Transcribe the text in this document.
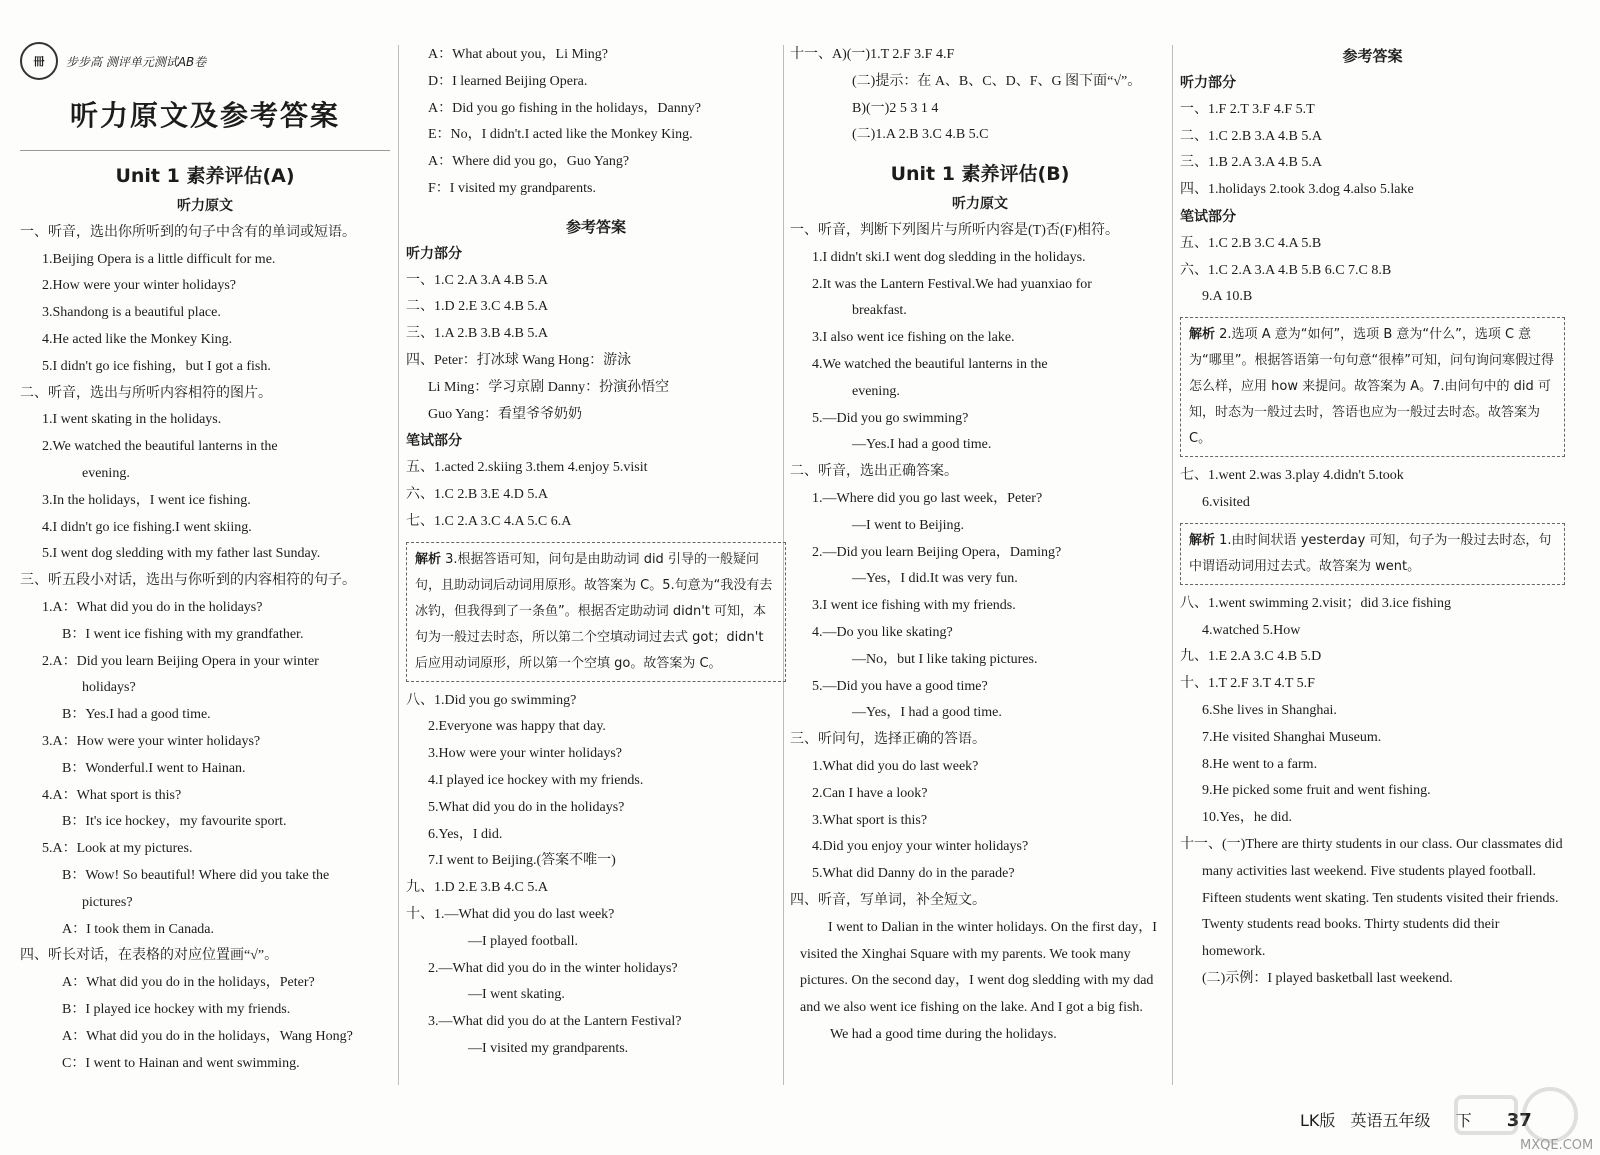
冊	步步高 测评单元测试AB卷
听力原文及参考答案
Unit 1 素养评估(A)
听力原文
一、听音，选出你所听到的句子中含有的单词或短语。
1.Beijing Opera is a little difficult for me.
2.How were your winter holidays?
3.Shandong is a beautiful place.
4.He acted like the Monkey King.
5.I didn't go ice fishing，but I got a fish.
二、听音，选出与所听内容相符的图片。
1.I went skating in the holidays.
2.We watched the beautiful lanterns in the
evening.
3.In the holidays，I went ice fishing.
4.I didn't go ice fishing.I went skiing.
5.I went dog sledding with my father last Sunday.
三、听五段小对话，选出与你听到的内容相符的句子。
1.A：What did you do in the holidays?
B：I went ice fishing with my grandfather.
2.A：Did you learn Beijing Opera in your winter
holidays?
B：Yes.I had a good time.
3.A：How were your winter holidays?
B：Wonderful.I went to Hainan.
4.A：What sport is this?
B：It's ice hockey，my favourite sport.
5.A：Look at my pictures.
B：Wow! So beautiful! Where did you take the
pictures?
A：I took them in Canada.
四、听长对话，在表格的对应位置画“√”。
A：What did you do in the holidays，Peter?
B：I played ice hockey with my friends.
A：What did you do in the holidays，Wang Hong?
C：I went to Hainan and went swimming.
A：What about you，Li Ming?
D：I learned Beijing Opera.
A：Did you go fishing in the holidays，Danny?
E：No，I didn't.I acted like the Monkey King.
A：Where did you go，Guo Yang?
F：I visited my grandparents.
参考答案
听力部分
一、1.C 2.A 3.A 4.B 5.A
二、1.D 2.E 3.C 4.B 5.A
三、1.A 2.B 3.B 4.B 5.A
四、Peter：打冰球 Wang Hong：游泳
Li Ming：学习京剧 Danny：扮演孙悟空
Guo Yang：看望爷爷奶奶
笔试部分
五、1.acted 2.skiing 3.them 4.enjoy 5.visit
六、1.C 2.B 3.E 4.D 5.A
七、1.C 2.A 3.C 4.A 5.C 6.A
解析 3.根据答语可知，问句是由助动词 did 引导的一般疑问句，且助动词后动词用原形。故答案为 C。5.句意为“我没有去冰钓，但我得到了一条鱼”。根据否定助动词 didn't 可知，本句为一般过去时态，所以第二个空填动词过去式 got；didn't 后应用动词原形，所以第一个空填 go。故答案为 C。
八、1.Did you go swimming?
2.Everyone was happy that day.
3.How were your winter holidays?
4.I played ice hockey with my friends.
5.What did you do in the holidays?
6.Yes，I did.
7.I went to Beijing.(答案不唯一)
九、1.D 2.E 3.B 4.C 5.A
十、1.—What did you do last week?
—I played football.
2.—What did you do in the winter holidays?
—I went skating.
3.—What did you do at the Lantern Festival?
—I visited my grandparents.
十一、A)(一)1.T 2.F 3.F 4.F
(二)提示：在 A、B、C、D、F、G 图下面“√”。
B)(一)2 5 3 1 4
(二)1.A 2.B 3.C 4.B 5.C
Unit 1 素养评估(B)
听力原文
一、听音，判断下列图片与所听内容是(T)否(F)相符。
1.I didn't ski.I went dog sledding in the holidays.
2.It was the Lantern Festival.We had yuanxiao for
breakfast.
3.I also went ice fishing on the lake.
4.We watched the beautiful lanterns in the
evening.
5.—Did you go swimming?
—Yes.I had a good time.
二、听音，选出正确答案。
1.—Where did you go last week，Peter?
—I went to Beijing.
2.—Did you learn Beijing Opera，Daming?
—Yes，I did.It was very fun.
3.I went ice fishing with my friends.
4.—Do you like skating?
—No，but I like taking pictures.
5.—Did you have a good time?
—Yes，I had a good time.
三、听问句，选择正确的答语。
1.What did you do last week?
2.Can I have a look?
3.What sport is this?
4.Did you enjoy your winter holidays?
5.What did Danny do in the parade?
四、听音，写单词，补全短文。
I went to Dalian in the winter holidays. On the first day，I visited the Xinghai Square with my parents. We took many pictures. On the second day，I went dog sledding with my dad and we also went ice fishing on the lake. And I got a big fish.
We had a good time during the holidays.
参考答案
听力部分
一、1.F 2.T 3.F 4.F 5.T
二、1.C 2.B 3.A 4.B 5.A
三、1.B 2.A 3.A 4.B 5.A
四、1.holidays 2.took 3.dog 4.also 5.lake
笔试部分
五、1.C 2.B 3.C 4.A 5.B
六、1.C 2.A 3.A 4.B 5.B 6.C 7.C 8.B
9.A 10.B
解析 2.选项 A 意为“如何”，选项 B 意为“什么”，选项 C 意为“哪里”。根据答语第一句句意“很棒”可知，问句询问寒假过得怎么样，应用 how 来提问。故答案为 A。7.由问句中的 did 可知，时态为一般过去时，答语也应为一般过去时态。故答案为 C。
七、1.went 2.was 3.play 4.didn't 5.took
6.visited
解析 1.由时间状语 yesterday 可知，句子为一般过去时态，句中谓语动词用过去式。故答案为 went。
八、1.went swimming 2.visit；did 3.ice fishing
4.watched 5.How
九、1.E 2.A 3.C 4.B 5.D
十、1.T 2.F 3.T 4.T 5.F
6.She lives in Shanghai.
7.He visited Shanghai Museum.
8.He went to a farm.
9.He picked some fruit and went fishing.
10.Yes，he did.
十一、(一)There are thirty students in our class. Our classmates did many activities last weekend. Five students played football. Fifteen students went skating. Ten students visited their friends. Twenty students read books. Thirty students did their homework.
(二)示例：I played basketball last weekend.
LK版 英语五年级 下 37
MXQE.COM
